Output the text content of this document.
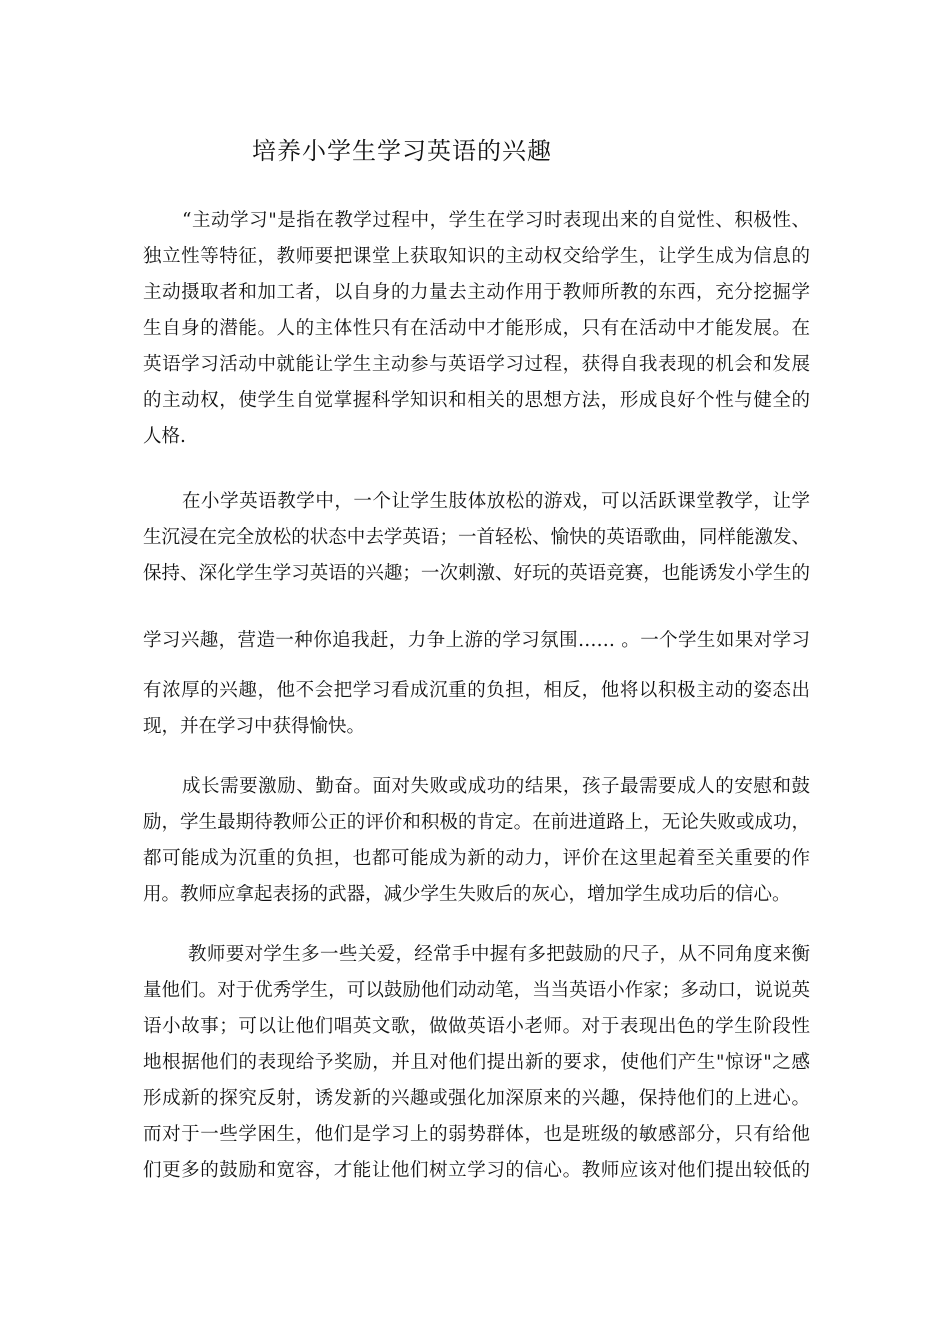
培养小学生学习英语的兴趣

“主动学习"是指在教学过程中，学生在学习时表现出来的自觉性、积极性、

独立性等特征，教师要把课堂上获取知识的主动权交给学生，让学生成为信息的

主动摄取者和加工者，以自身的力量去主动作用于教师所教的东西，充分挖掘学

生自身的潜能。人的主体性只有在活动中才能形成，只有在活动中才能发展。在

英语学习活动中就能让学生主动参与英语学习过程，获得自我表现的机会和发展

的主动权，使学生自觉掌握科学知识和相关的思想方法，形成良好个性与健全的

人格.

在小学英语教学中，一个让学生肢体放松的游戏，可以活跃课堂教学，让学

生沉浸在完全放松的状态中去学英语；一首轻松、愉快的英语歌曲，同样能激发、

保持、深化学生学习英语的兴趣；一次刺激、好玩的英语竞赛，也能诱发小学生的

学习兴趣，营造一种你追我赶，力争上游的学习氛围…… 。一个学生如果对学习

有浓厚的兴趣，他不会把学习看成沉重的负担，相反，他将以积极主动的姿态出

现，并在学习中获得愉快。

成长需要激励、勤奋。面对失败或成功的结果，孩子最需要成人的安慰和鼓

励，学生最期待教师公正的评价和积极的肯定。在前进道路上，无论失败或成功，

都可能成为沉重的负担，也都可能成为新的动力，评价在这里起着至关重要的作

用。教师应拿起表扬的武器，减少学生失败后的灰心，增加学生成功后的信心。

教师要对学生多一些关爱，经常手中握有多把鼓励的尺子，从不同角度来衡

量他们。对于优秀学生，可以鼓励他们动动笔，当当英语小作家；多动口，说说英

语小故事；可以让他们唱英文歌，做做英语小老师。对于表现出色的学生阶段性

地根据他们的表现给予奖励，并且对他们提出新的要求，使他们产生"惊讶"之感

形成新的探究反射，诱发新的兴趣或强化加深原来的兴趣，保持他们的上进心。

而对于一些学困生，他们是学习上的弱势群体，也是班级的敏感部分，只有给他

们更多的鼓励和宽容，才能让他们树立学习的信心。教师应该对他们提出较低的
